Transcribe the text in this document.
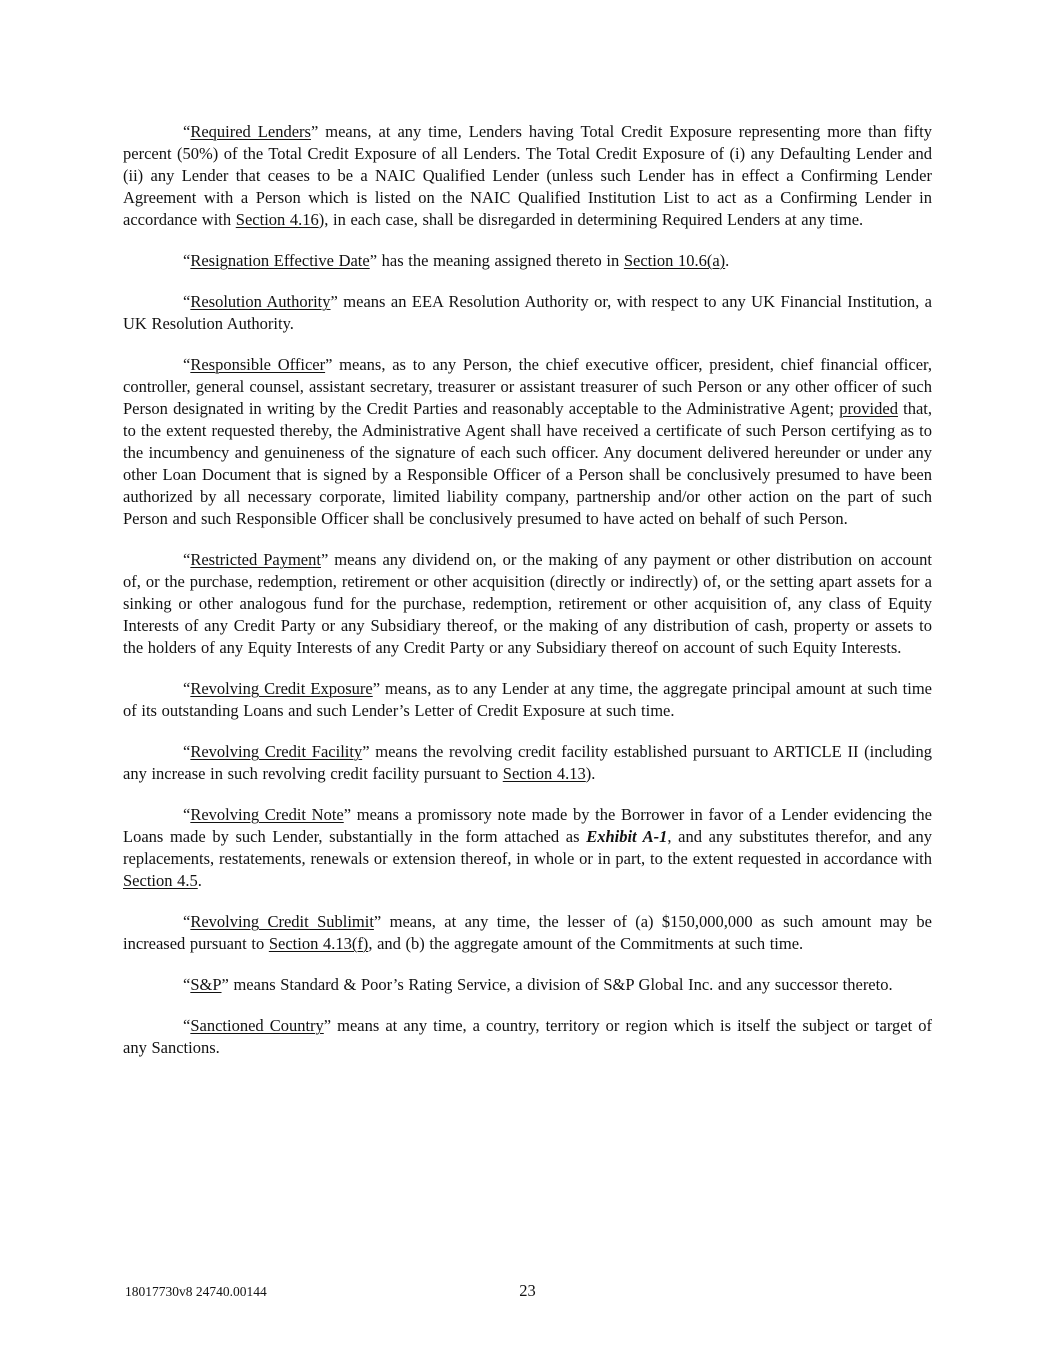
“Required Lenders” means, at any time, Lenders having Total Credit Exposure representing more than fifty percent (50%) of the Total Credit Exposure of all Lenders. The Total Credit Exposure of (i) any Defaulting Lender and (ii) any Lender that ceases to be a NAIC Qualified Lender (unless such Lender has in effect a Confirming Lender Agreement with a Person which is listed on the NAIC Qualified Institution List to act as a Confirming Lender in accordance with Section 4.16), in each case, shall be disregarded in determining Required Lenders at any time.

“Resignation Effective Date” has the meaning assigned thereto in Section 10.6(a).

“Resolution Authority” means an EEA Resolution Authority or, with respect to any UK Financial Institution, a UK Resolution Authority.

“Responsible Officer” means, as to any Person, the chief executive officer, president, chief financial officer, controller, general counsel, assistant secretary, treasurer or assistant treasurer of such Person or any other officer of such Person designated in writing by the Credit Parties and reasonably acceptable to the Administrative Agent; provided that, to the extent requested thereby, the Administrative Agent shall have received a certificate of such Person certifying as to the incumbency and genuineness of the signature of each such officer. Any document delivered hereunder or under any other Loan Document that is signed by a Responsible Officer of a Person shall be conclusively presumed to have been authorized by all necessary corporate, limited liability company, partnership and/or other action on the part of such Person and such Responsible Officer shall be conclusively presumed to have acted on behalf of such Person.

“Restricted Payment” means any dividend on, or the making of any payment or other distribution on account of, or the purchase, redemption, retirement or other acquisition (directly or indirectly) of, or the setting apart assets for a sinking or other analogous fund for the purchase, redemption, retirement or other acquisition of, any class of Equity Interests of any Credit Party or any Subsidiary thereof, or the making of any distribution of cash, property or assets to the holders of any Equity Interests of any Credit Party or any Subsidiary thereof on account of such Equity Interests.

“Revolving Credit Exposure” means, as to any Lender at any time, the aggregate principal amount at such time of its outstanding Loans and such Lender’s Letter of Credit Exposure at such time.

“Revolving Credit Facility” means the revolving credit facility established pursuant to ARTICLE II (including any increase in such revolving credit facility pursuant to Section 4.13).

“Revolving Credit Note” means a promissory note made by the Borrower in favor of a Lender evidencing the Loans made by such Lender, substantially in the form attached as Exhibit A-1, and any substitutes therefor, and any replacements, restatements, renewals or extension thereof, in whole or in part, to the extent requested in accordance with Section 4.5.

“Revolving Credit Sublimit” means, at any time, the lesser of (a) $150,000,000 as such amount may be increased pursuant to Section 4.13(f), and (b) the aggregate amount of the Commitments at such time.

“S&P” means Standard & Poor’s Rating Service, a division of S&P Global Inc. and any successor thereto.

“Sanctioned Country” means at any time, a country, territory or region which is itself the subject or target of any Sanctions.

18017730v8 24740.00144	23
